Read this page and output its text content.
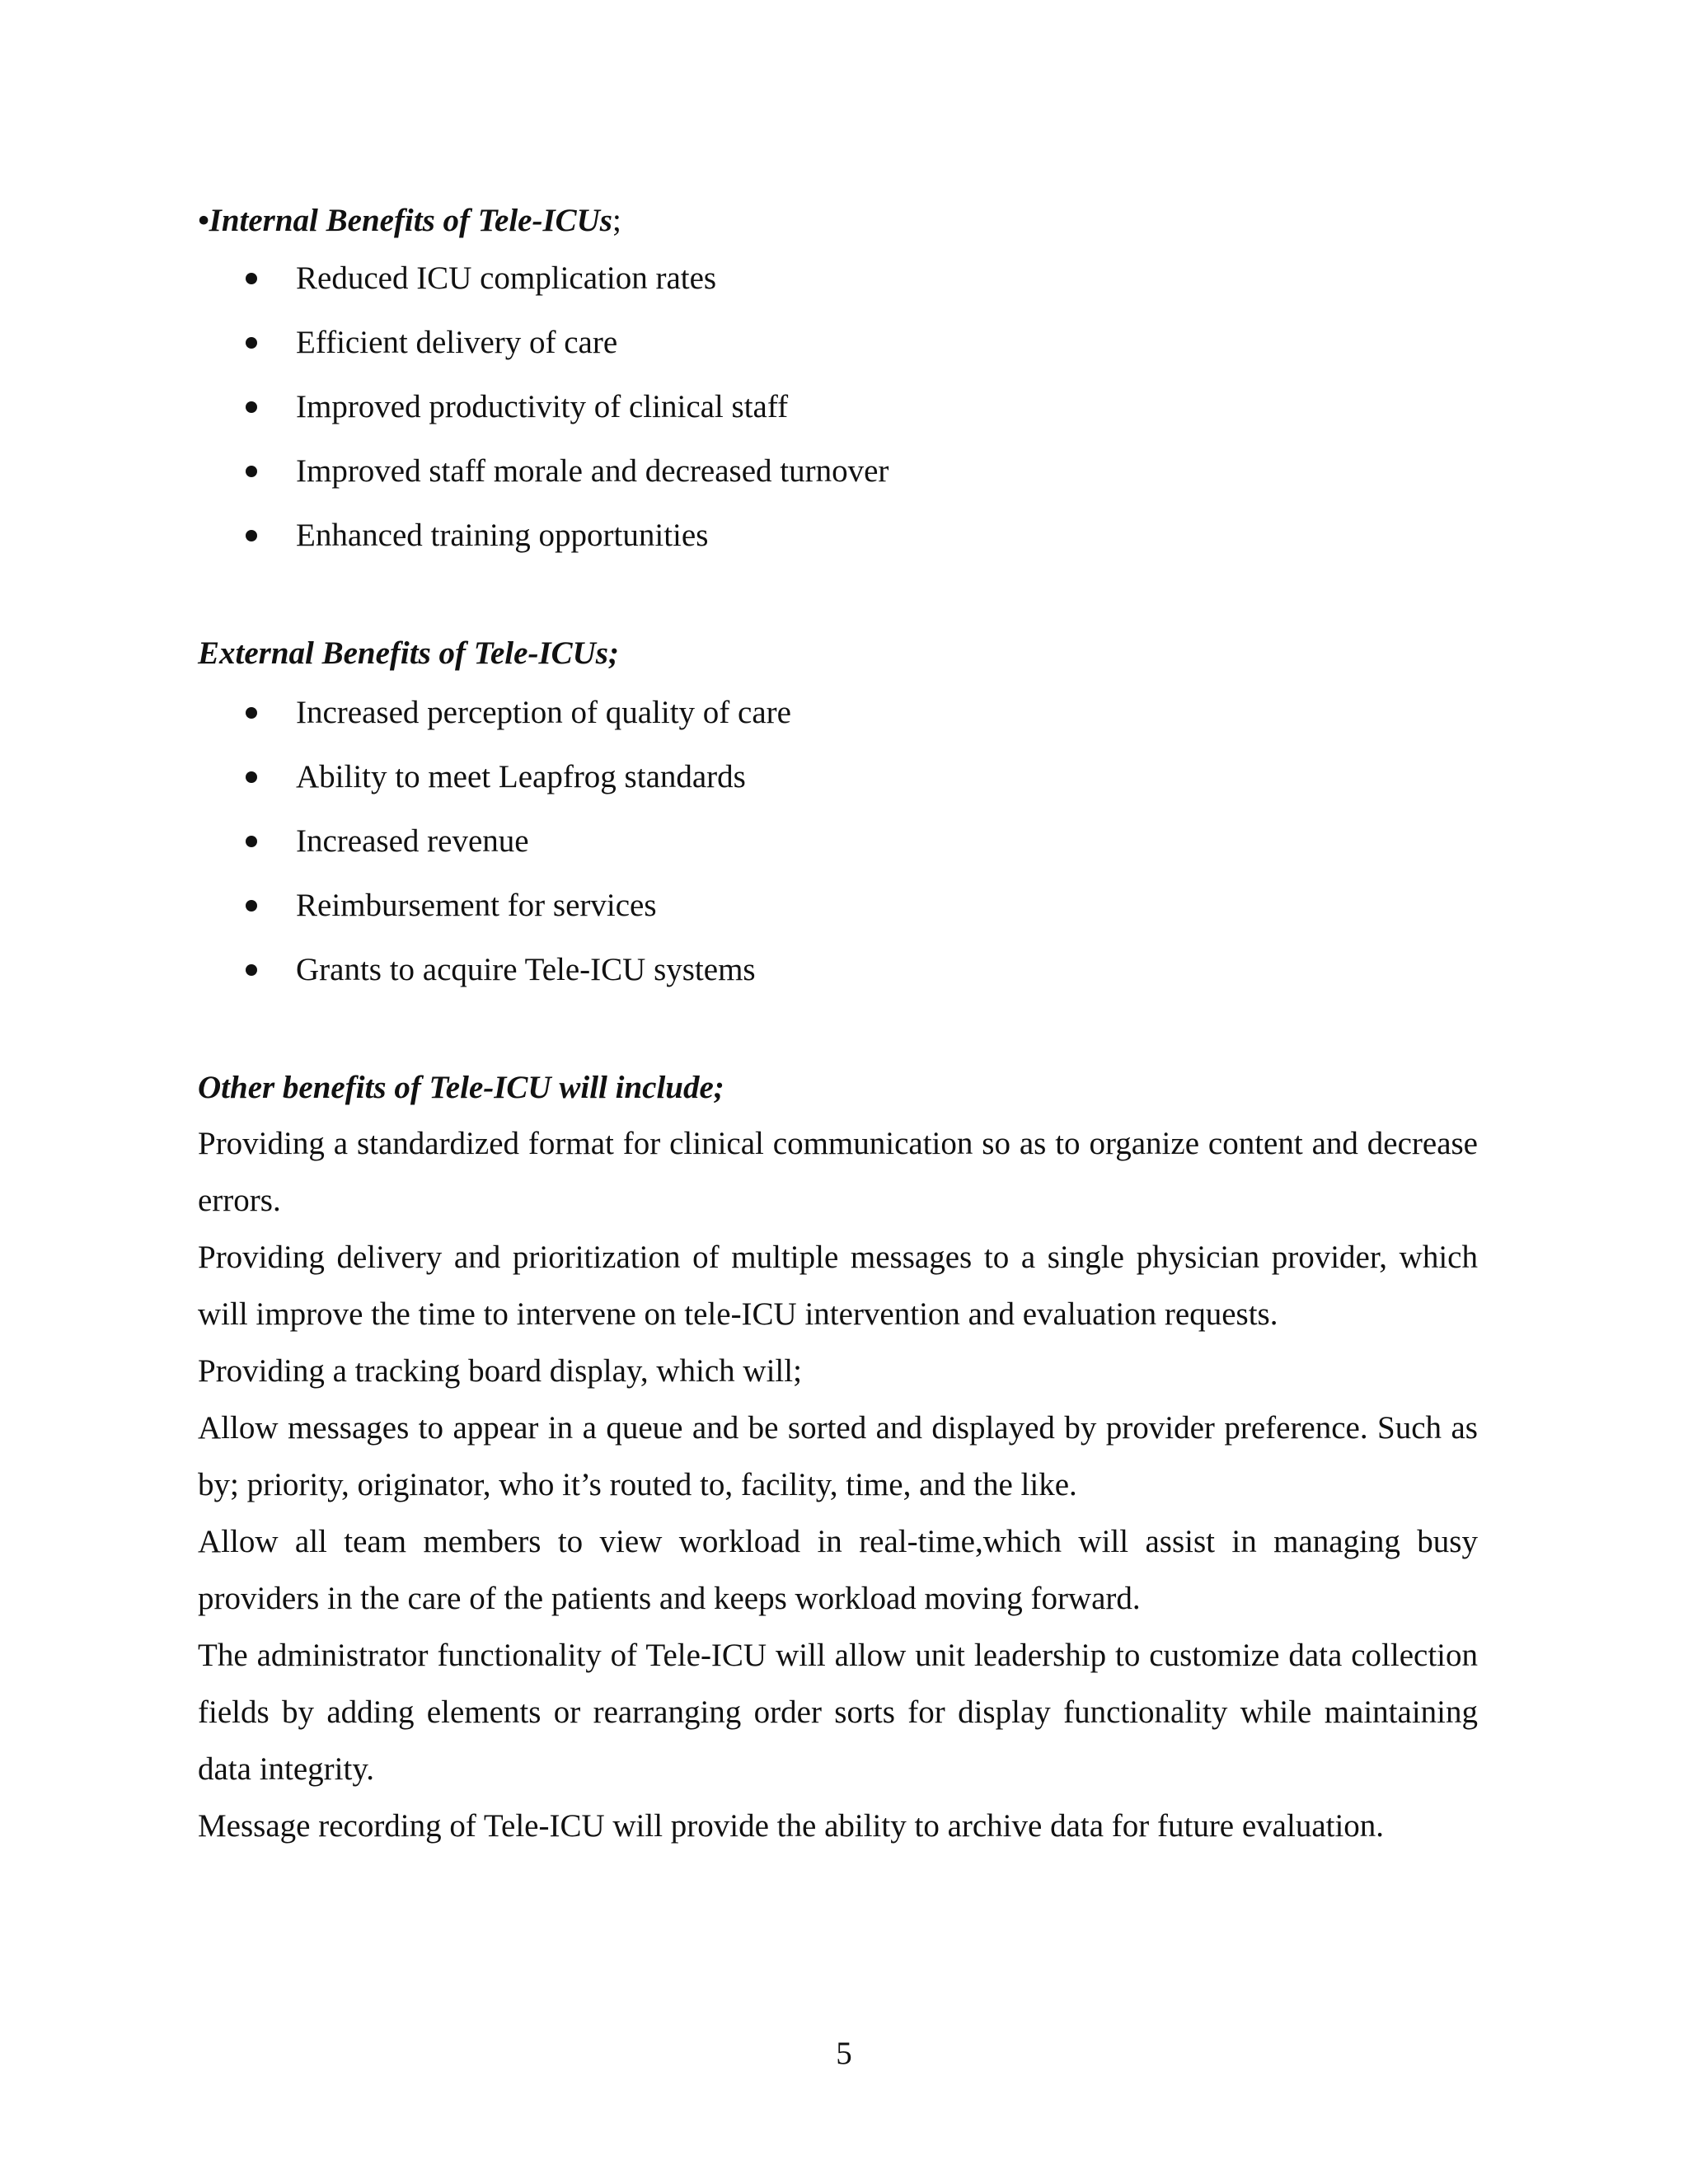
•Internal Benefits of Tele-ICUs;
Reduced ICU complication rates
Efficient delivery of care
Improved productivity of clinical staff
Improved staff morale and decreased turnover
Enhanced training opportunities
External Benefits of Tele-ICUs;
Increased perception of quality of care
Ability to meet Leapfrog standards
Increased revenue
Reimbursement for services
Grants to acquire Tele-ICU systems
Other benefits of Tele-ICU will include;

Providing a standardized format for clinical communication so as to organize content and decrease errors.

Providing delivery and prioritization of multiple messages to a single physician provider, which will improve the time to intervene on tele-ICU intervention and evaluation requests.

Providing a tracking board display, which will;

Allow messages to appear in a queue and be sorted and displayed by provider preference. Such as by; priority, originator, who it’s routed to, facility, time, and the like.

Allow all team members to view workload in real-time,which will assist in managing busy providers in the care of the patients and keeps workload moving forward.

The administrator functionality of Tele-ICU will allow unit leadership to customize data collection fields by adding elements or rearranging order sorts for display functionality while maintaining data integrity.

Message recording of Tele-ICU will provide the ability to archive data for future evaluation.

5
